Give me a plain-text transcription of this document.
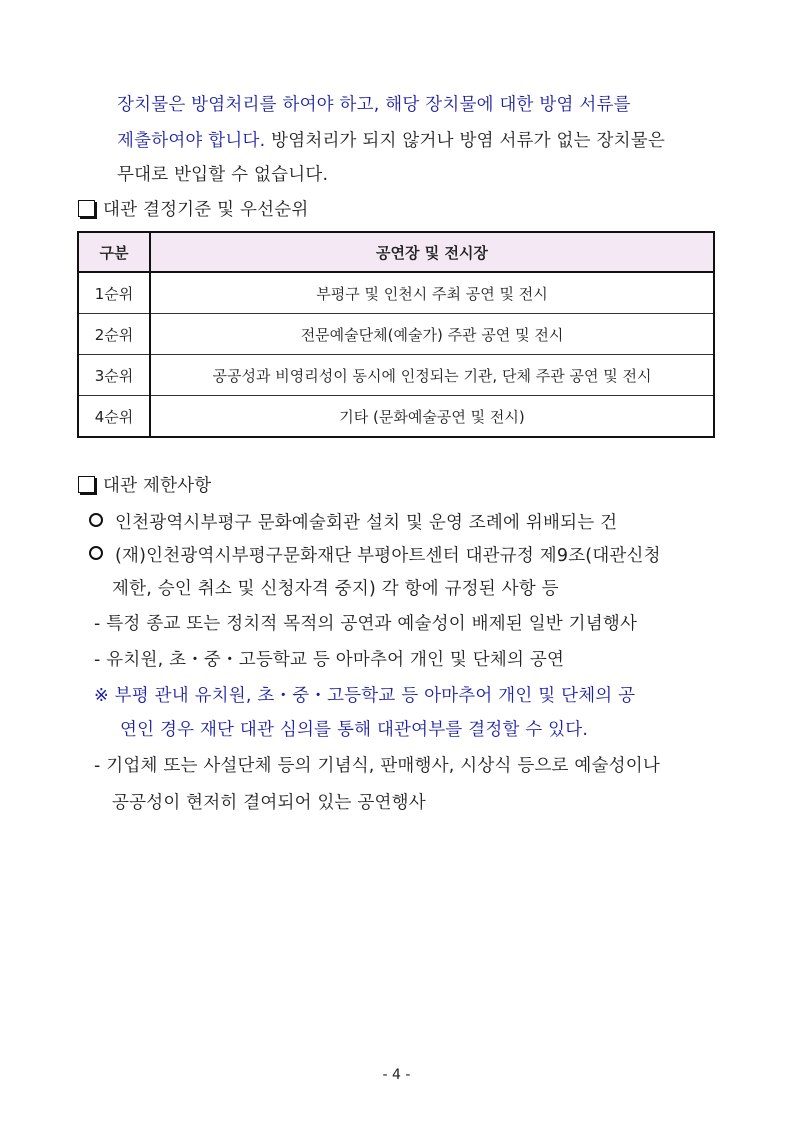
장치물은 방염처리를 하여야 하고, 해당 장치물에 대한 방염 서류를
제출하여야 합니다. 방염처리가 되지 않거나 방염 서류가 없는 장치물은
무대로 반입할 수 없습니다.
대관 결정기준 및 우선순위
구분	공연장 및 전시장
1순위	부평구 및 인천시 주최 공연 및 전시
2순위	전문예술단체(예술가) 주관 공연 및 전시
3순위	공공성과 비영리성이 동시에 인정되는 기관, 단체 주관 공연 및 전시
4순위	기타 (문화예술공연 및 전시)
대관 제한사항
인천광역시부평구 문화예술회관 설치 및 운영 조례에 위배되는 건
(재)인천광역시부평구문화재단 부평아트센터 대관규정 제9조(대관신청
제한, 승인 취소 및 신청자격 중지) 각 항에 규정된 사항 등
- 특정 종교 또는 정치적 목적의 공연과 예술성이 배제된 일반 기념행사
- 유치원, 초・중・고등학교 등 아마추어 개인 및 단체의 공연
※ 부평 관내 유치원, 초・중・고등학교 등 아마추어 개인 및 단체의 공
연인 경우 재단 대관 심의를 통해 대관여부를 결정할 수 있다.
- 기업체 또는 사설단체 등의 기념식, 판매행사, 시상식 등으로 예술성이나
공공성이 현저히 결여되어 있는 공연행사
- 4 -
